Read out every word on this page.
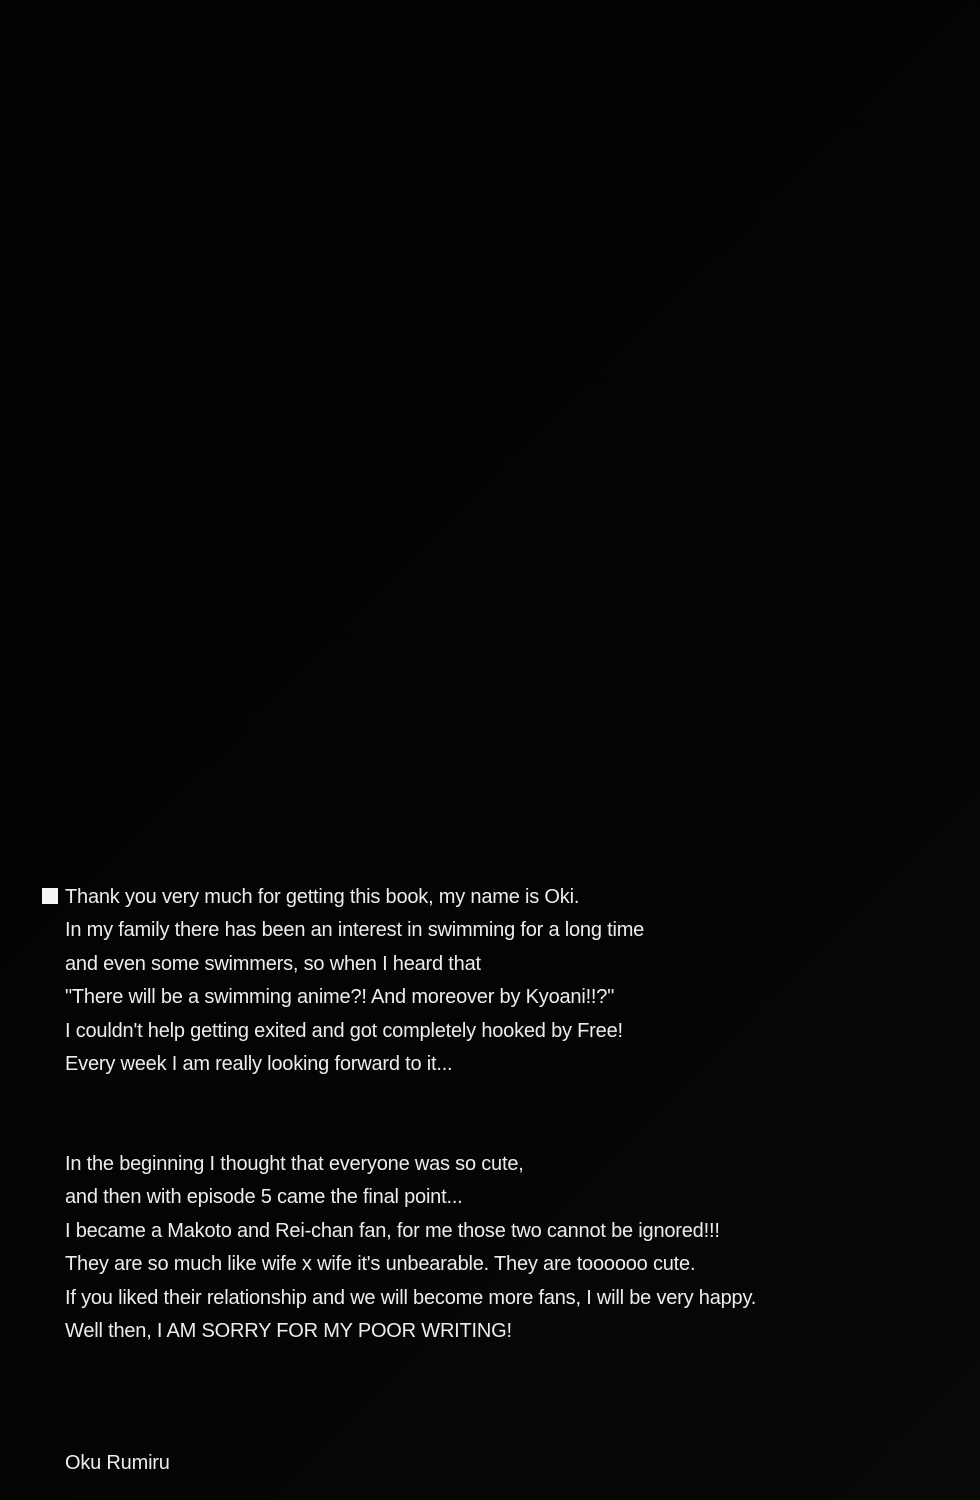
Thank you very much for getting this book, my name is Oki.
In my family there has been an interest in swimming for a long time
and even some swimmers, so when I heard that
"There will be a swimming anime?! And moreover by Kyoani!!?"
I couldn't help getting exited and got completely hooked by Free!
Every week I am really looking forward to it...
In the beginning I thought that everyone was so cute,
and then with episode 5 came the final point...
I became a Makoto and Rei-chan fan, for me those two cannot be ignored!!!
They are so much like wife x wife it's unbearable. They are toooooo cute.
If you liked their relationship and we will become more fans, I will be very happy.
Well then, I AM SORRY FOR MY POOR WRITING!
Oku Rumiru
